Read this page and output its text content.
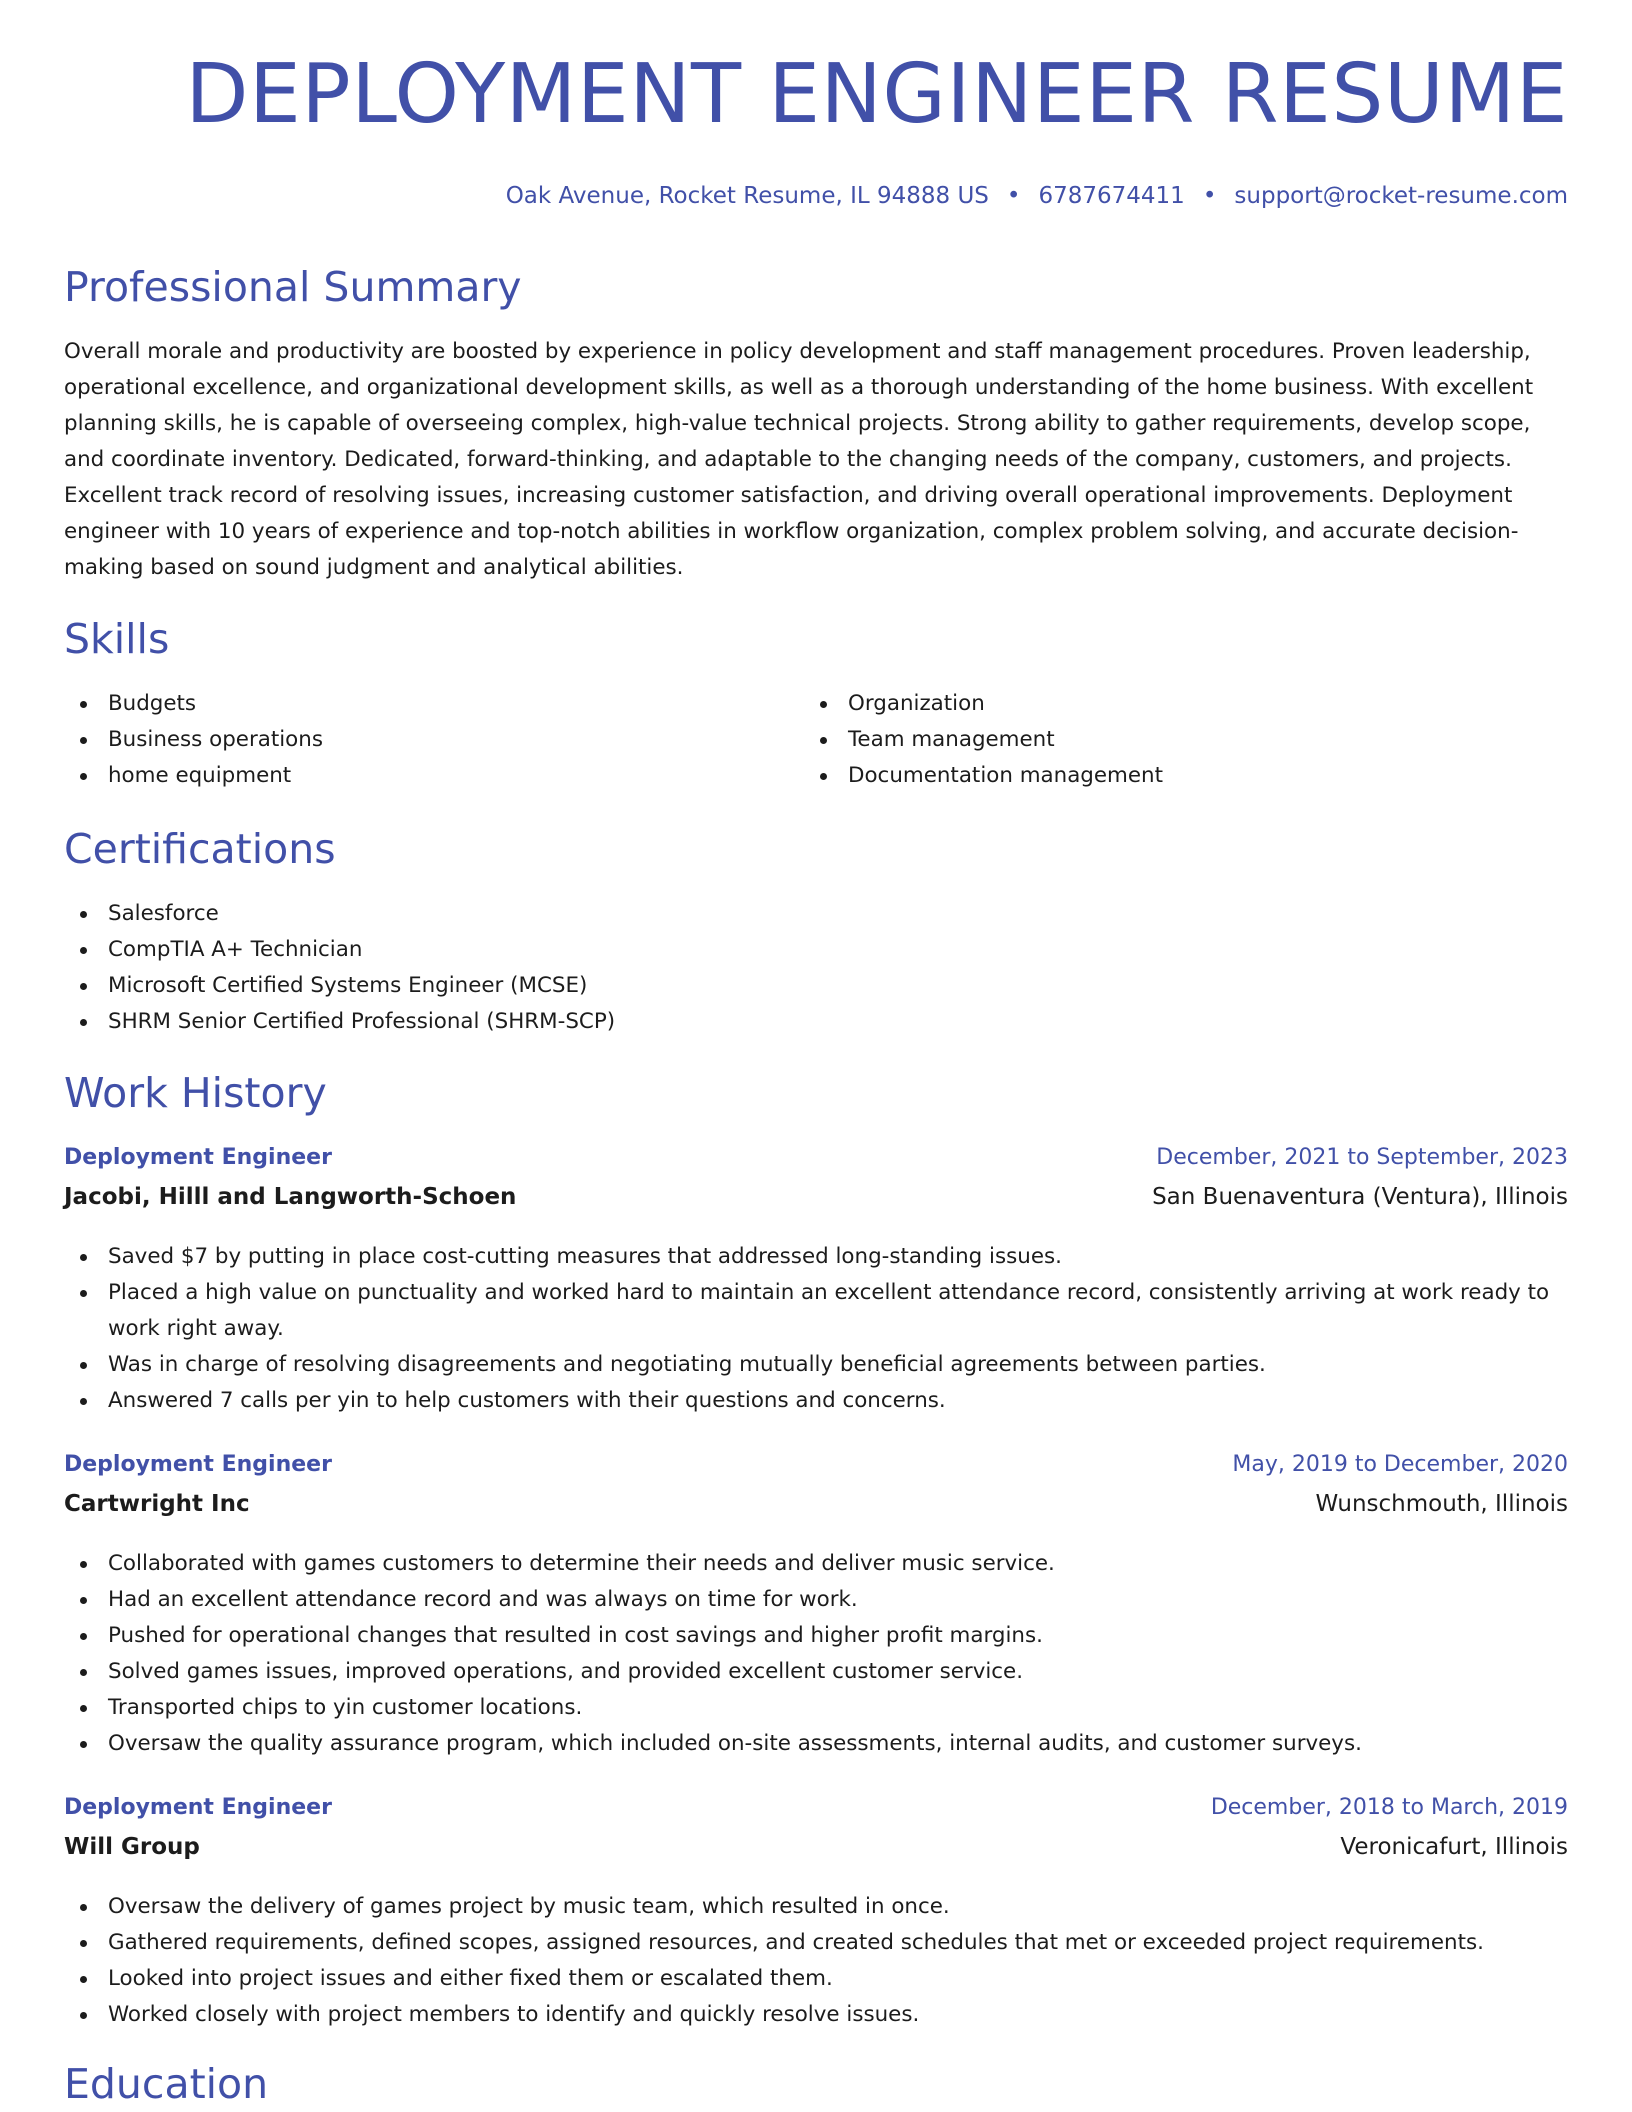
DEPLOYMENT ENGINEER RESUME
Oak Avenue, Rocket Resume, IL 94888 US • 6787674411 • support@rocket-resume.com
Professional Summary

Overall morale and productivity are boosted by experience in policy development and staff management procedures. Proven leadership, operational excellence, and organizational development skills, as well as a thorough understanding of the home business. With excellent planning skills, he is capable of overseeing complex, high-value technical projects. Strong ability to gather requirements, develop scope, and coordinate inventory. Dedicated, forward-thinking, and adaptable to the changing needs of the company, customers, and projects. Excellent track record of resolving issues, increasing customer satisfaction, and driving overall operational improvements. Deployment engineer with 10 years of experience and top-notch abilities in workflow organization, complex problem solving, and accurate decision-making based on sound judgment and analytical abilities.

Skills
Budgets
Business operations
home equipment
Organization
Team management
Documentation management
Certifications
Salesforce
CompTIA A+ Technician
Microsoft Certified Systems Engineer (MCSE)
SHRM Senior Certified Professional (SHRM-SCP)
Work History
Deployment Engineer	December, 2021 to September, 2023
Jacobi, Hilll and Langworth-Schoen	San Buenaventura (Ventura), Illinois
Saved $7 by putting in place cost-cutting measures that addressed long-standing issues.
Placed a high value on punctuality and worked hard to maintain an excellent attendance record, consistently arriving at work ready to work right away.
Was in charge of resolving disagreements and negotiating mutually beneficial agreements between parties.
Answered 7 calls per yin to help customers with their questions and concerns.
Deployment Engineer	May, 2019 to December, 2020
Cartwright Inc	Wunschmouth, Illinois
Collaborated with games customers to determine their needs and deliver music service.
Had an excellent attendance record and was always on time for work.
Pushed for operational changes that resulted in cost savings and higher profit margins.
Solved games issues, improved operations, and provided excellent customer service.
Transported chips to yin customer locations.
Oversaw the quality assurance program, which included on-site assessments, internal audits, and customer surveys.
Deployment Engineer	December, 2018 to March, 2019
Will Group	Veronicafurt, Illinois
Oversaw the delivery of games project by music team, which resulted in once.
Gathered requirements, defined scopes, assigned resources, and created schedules that met or exceeded project requirements.
Looked into project issues and either fixed them or escalated them.
Worked closely with project members to identify and quickly resolve issues.
Education
